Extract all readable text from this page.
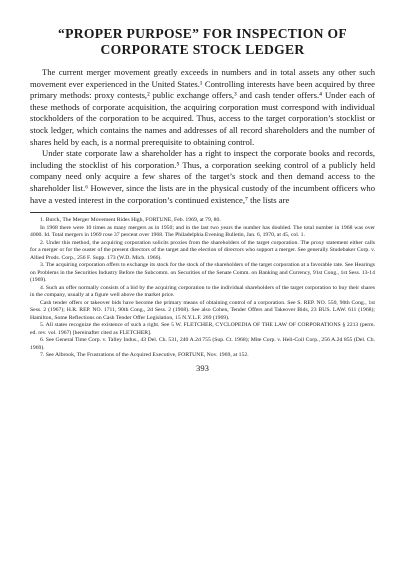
“PROPER PURPOSE” FOR INSPECTION OF
CORPORATE STOCK LEDGER

The current merger movement greatly exceeds in numbers and in total assets any other such movement ever experienced in the United States.¹ Controlling interests have been acquired by three primary methods: proxy contests,² public exchange offers,³ and cash tender offers.⁴ Under each of these methods of corporate acquisition, the acquiring corporation must correspond with individual stockholders of the corporation to be acquired. Thus, access to the target corporation’s stocklist or stock ledger, which contains the names and addresses of all record shareholders and the number of shares held by each, is a normal prerequisite to obtaining control.

Under state corporate law a shareholder has a right to inspect the corporate books and records, including the stocklist of his corporation.⁵ Thus, a corporation seeking control of a publicly held company need only acquire a few shares of the target’s stock and then demand access to the shareholder list.⁶ However, since the lists are in the physical custody of the incumbent officers who have a vested interest in the corporation’s continued existence,⁷ the lists are

1. Burck, The Merger Movement Rides High, FORTUNE, Feb. 1969, at 79, 80.

In 1968 there were 10 times as many mergers as in 1950; and in the last two years the number has doubled. The total number in 1968 was over 4000. Id. Total mergers in 1969 rose 37 percent over 1968. The Philadelphia Evening Bulletin, Jan. 6, 1970, at 45, col. 1.

2. Under this method, the acquiring corporation solicits proxies from the shareholders of the target corporation. The proxy statement either calls for a merger or for the ouster of the present directors of the target and the election of directors who support a merger. See generally Studebaker Corp. v. Allied Prods. Corp., 256 F. Supp. 173 (W.D. Mich. 1966).

3. The acquiring corporation offers to exchange its stock for the stock of the shareholders of the target corporation at a favorable rate. See Hearings on Problems in the Securities Industry Before the Subcomm. on Securities of the Senate Comm. on Banking and Currency, 91st Cong., 1st Sess. 13-14 (1969).

4. Such an offer normally consists of a bid by the acquiring corporation to the individual shareholders of the target corporation to buy their shares in the company, usually at a figure well above the market price.

Cash tender offers or takeover bids have become the primary means of obtaining control of a corporation. See S. REP. NO. 550, 90th Cong., 1st Sess. 2 (1967); H.R. REP. NO. 1711, 90th Cong., 2d Sess. 2 (1968). See also Cohen, Tender Offers and Takeover Bids, 23 BUS. LAW. 611 (1968); Hamilton, Some Reflections on Cash Tender Offer Legislation, 15 N.Y.L.F. 269 (1969).

5. All states recognize the existence of such a right. See 5 W. FLETCHER, CYCLOPEDIA OF THE LAW OF CORPORATIONS § 2213 (perm. ed. rev. vol. 1967) [hereinafter cited as FLETCHER].

6. See General Time Corp. v. Talley Indus., 43 Del. Ch. 531, 240 A.2d 755 (Sup. Ct. 1968); Mite Corp. v. Heli-Coil Corp., 256 A.2d 855 (Del. Ch. 1969).

7. See Albrook, The Frustrations of the Acquired Executive, FORTUNE, Nov. 1969, at 152.

393
